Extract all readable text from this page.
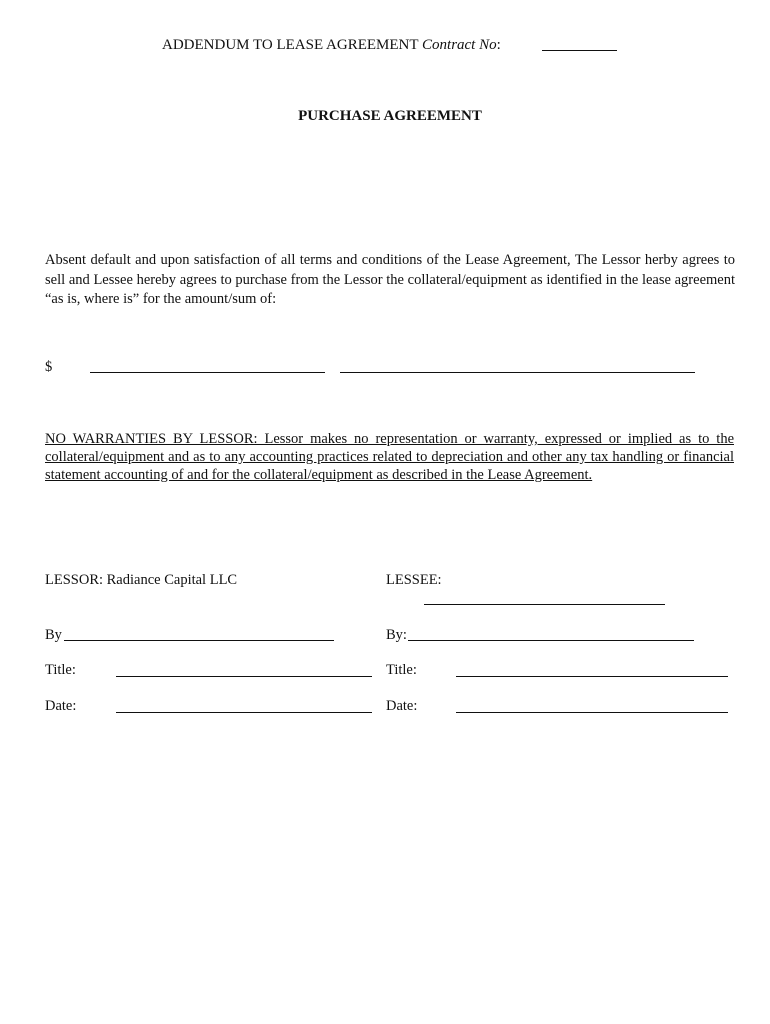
ADDENDUM TO LEASE AGREEMENT Contract No:
PURCHASE AGREEMENT
Absent default and upon satisfaction of all terms and conditions of the Lease Agreement, The Lessor herby agrees to sell and Lessee hereby agrees to purchase from the Lessor the collateral/equipment as identified in the lease agreement “as is, where is” for the amount/sum of:
$
NO WARRANTIES BY LESSOR: Lessor makes no representation or warranty, expressed or implied as to the collateral/equipment and as to any accounting practices related to depreciation and other any tax handling or financial statement accounting of and for the collateral/equipment as described in the Lease Agreement.
LESSOR: Radiance Capital LLC	LESSEE:
By	By:
Title:	Title:
Date:	Date:
